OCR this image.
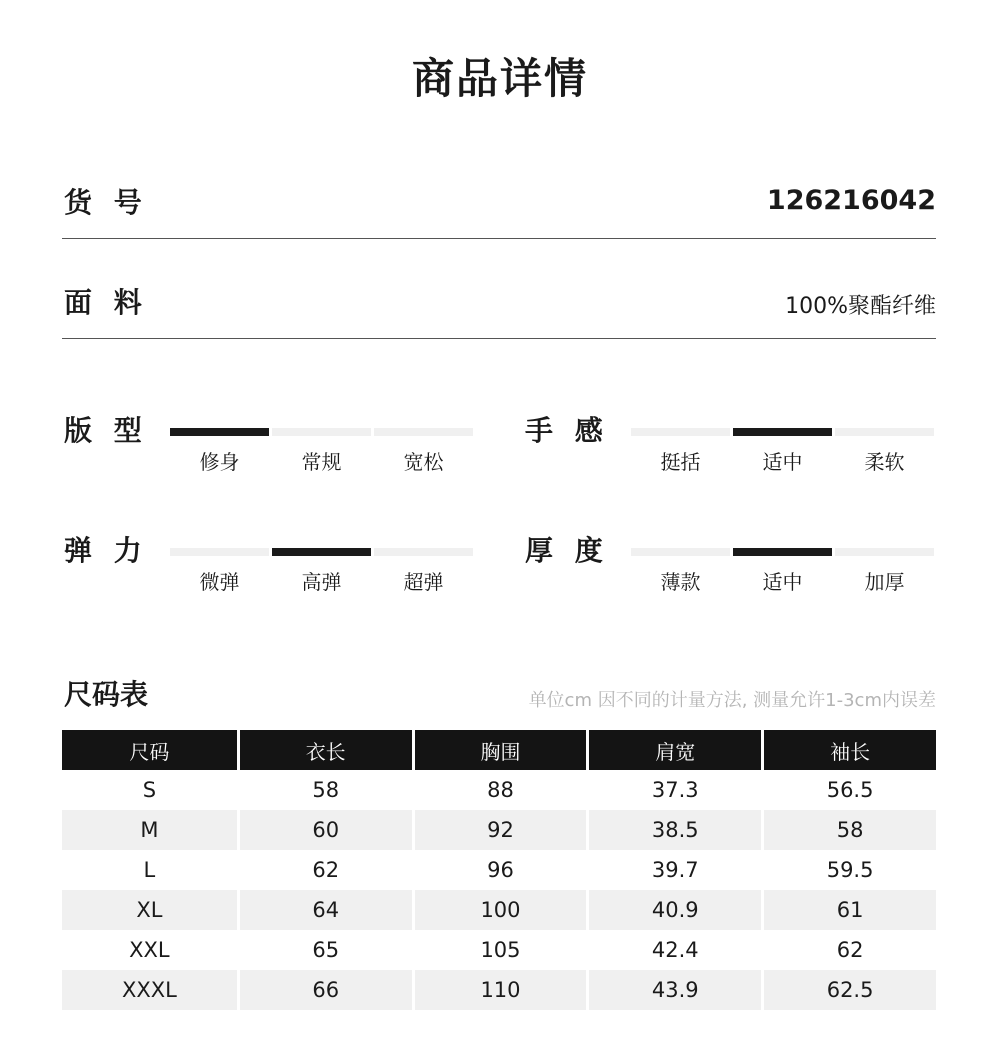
商品详情
货 号	126216042
面 料	100%聚酯纤维
版 型
修身	常规	宽松
手 感
挺括	适中	柔软
弹 力
微弹	高弹	超弹
厚 度
薄款	适中	加厚
尺码表	单位cm 因不同的计量方法, 测量允许1-3cm内误差
尺码	衣长	胸围	肩宽	袖长
S	58	88	37.3	56.5
M	60	92	38.5	58
L	62	96	39.7	59.5
XL	64	100	40.9	61
XXL	65	105	42.4	62
XXXL	66	110	43.9	62.5
